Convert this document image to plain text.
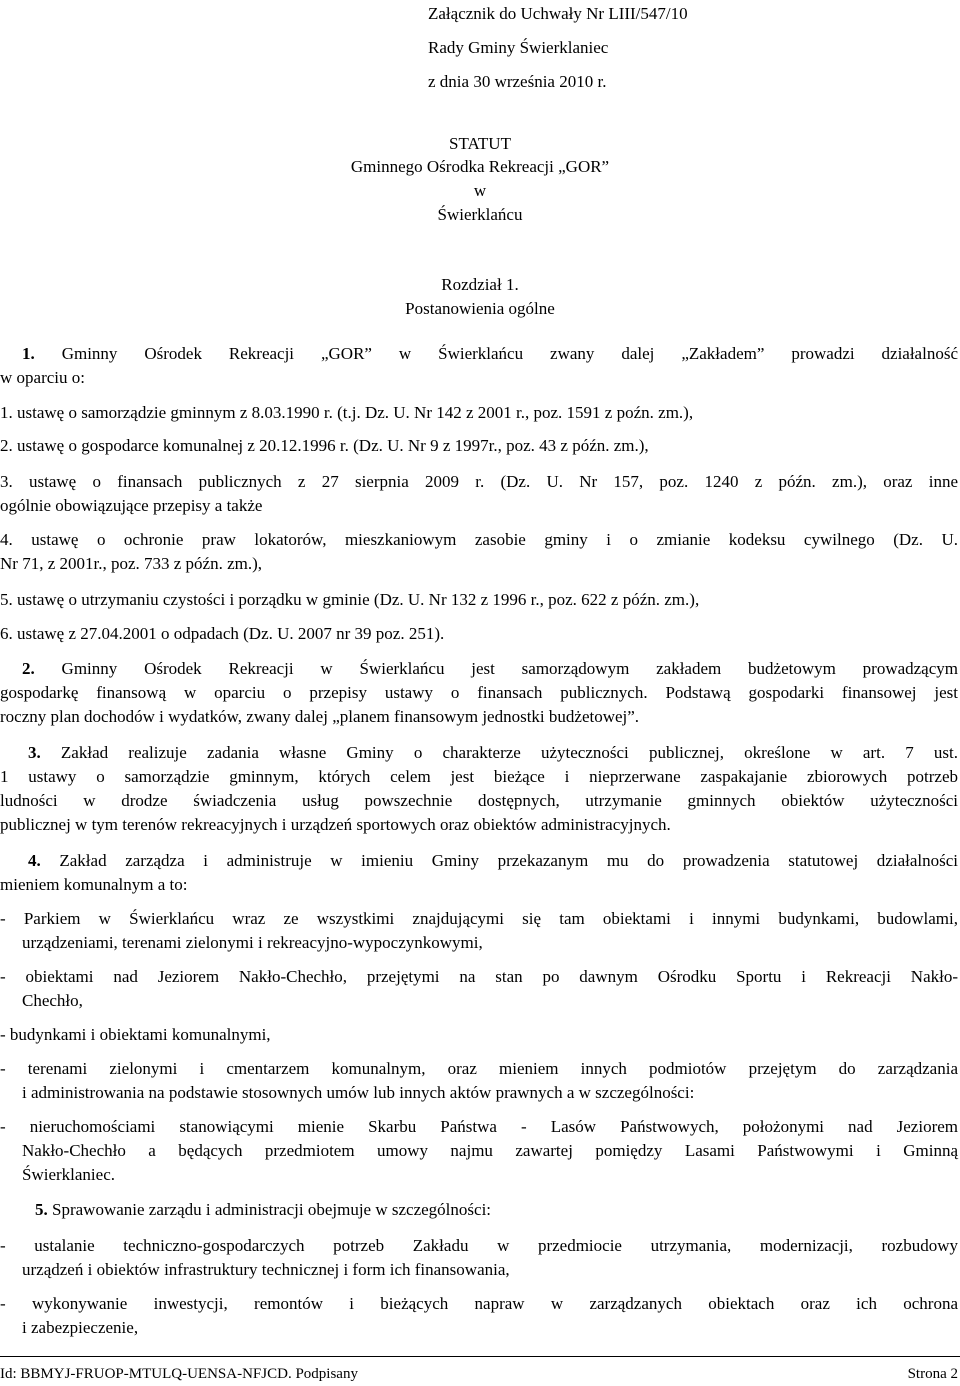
Załącznik do Uchwały Nr LIII/547/10
Rady Gminy Świerklaniec
z dnia 30 września 2010 r.
STATUT
Gminnego Ośrodka Rekreacji „GOR”
w
Świerklańcu
Rozdział 1.
Postanowienia ogólne
1. Gminny Ośrodek Rekreacji „GOR” w Świerklańcu zwany dalej „Zakładem” prowadzi działalność
w oparciu o:
1. ustawę o samorządzie gminnym z 8.03.1990 r. (t.j. Dz. U. Nr 142 z 2001 r., poz. 1591 z poźn. zm.),
2. ustawę o gospodarce komunalnej z 20.12.1996 r. (Dz. U. Nr 9 z 1997r., poz. 43 z późn. zm.),
3. ustawę o finansach publicznych z 27 sierpnia 2009 r. (Dz. U. Nr 157, poz. 1240 z późn. zm.), oraz inne
ogólnie obowiązujące przepisy a także
4. ustawę o ochronie praw lokatorów, mieszkaniowym zasobie gminy i o zmianie kodeksu cywilnego (Dz. U.
Nr 71, z 2001r., poz. 733 z późn. zm.),
5. ustawę o utrzymaniu czystości i porządku w gminie (Dz. U. Nr 132 z 1996 r., poz. 622 z późn. zm.),
6. ustawę z 27.04.2001 o odpadach (Dz. U. 2007 nr 39 poz. 251).
2. Gminny Ośrodek Rekreacji w Świerklańcu jest samorządowym zakładem budżetowym prowadzącym
gospodarkę finansową w oparciu o przepisy ustawy o finansach publicznych. Podstawą gospodarki finansowej jest
roczny plan dochodów i wydatków, zwany dalej „planem finansowym jednostki budżetowej”.
3. Zakład realizuje zadania własne Gminy o charakterze użyteczności publicznej, określone w art. 7 ust.
1 ustawy o samorządzie gminnym, których celem jest bieżące i nieprzerwane zaspakajanie zbiorowych potrzeb
ludności w drodze świadczenia usług powszechnie dostępnych, utrzymanie gminnych obiektów użyteczności
publicznej w tym terenów rekreacyjnych i urządzeń sportowych oraz obiektów administracyjnych.
4. Zakład zarządza i administruje w imieniu Gminy przekazanym mu do prowadzenia statutowej działalności
mieniem komunalnym a to:
- Parkiem w Świerklańcu wraz ze wszystkimi znajdującymi się tam obiektami i innymi budynkami, budowlami,
urządzeniami, terenami zielonymi i rekreacyjno-wypoczynkowymi,
- obiektami nad Jeziorem Nakło-Chechło, przejętymi na stan po dawnym Ośrodku Sportu i Rekreacji Nakło-
Chechło,
- budynkami i obiektami komunalnymi,
- terenami zielonymi i cmentarzem komunalnym, oraz mieniem innych podmiotów przejętym do zarządzania
i administrowania na podstawie stosownych umów lub innych aktów prawnych a w szczególności:
- nieruchomościami stanowiącymi mienie Skarbu Państwa - Lasów Państwowych, położonymi nad Jeziorem
Nakło-Chechło a będących przedmiotem umowy najmu zawartej pomiędzy Lasami Państwowymi i Gminną
Świerklaniec.
5. Sprawowanie zarządu i administracji obejmuje w szczególności:
- ustalanie techniczno-gospodarczych potrzeb Zakładu w przedmiocie utrzymania, modernizacji, rozbudowy
urządzeń i obiektów infrastruktury technicznej i form ich finansowania,
- wykonywanie inwestycji, remontów i bieżących napraw w zarządzanych obiektach oraz ich ochrona
i zabezpieczenie,
Id: BBMYJ-FRUOP-MTULQ-UENSA-NFJCD. Podpisany	Strona 2
